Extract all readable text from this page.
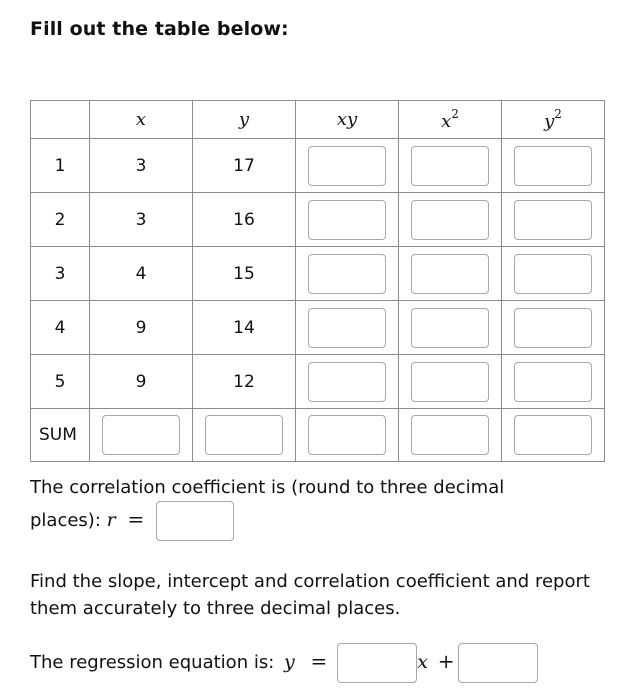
Fill out the table below:
	x	y	xy	$x^2$	$y^2$
1	3	17	

2	3	16	

3	4	15	

4	9	14	

5	9	12	

SUM	

The correlation coefficient is (round to three decimal places): r =
Find the slope, intercept and correlation coefficient and report them accurately to three decimal places.
The regression equation is: y =	x +
